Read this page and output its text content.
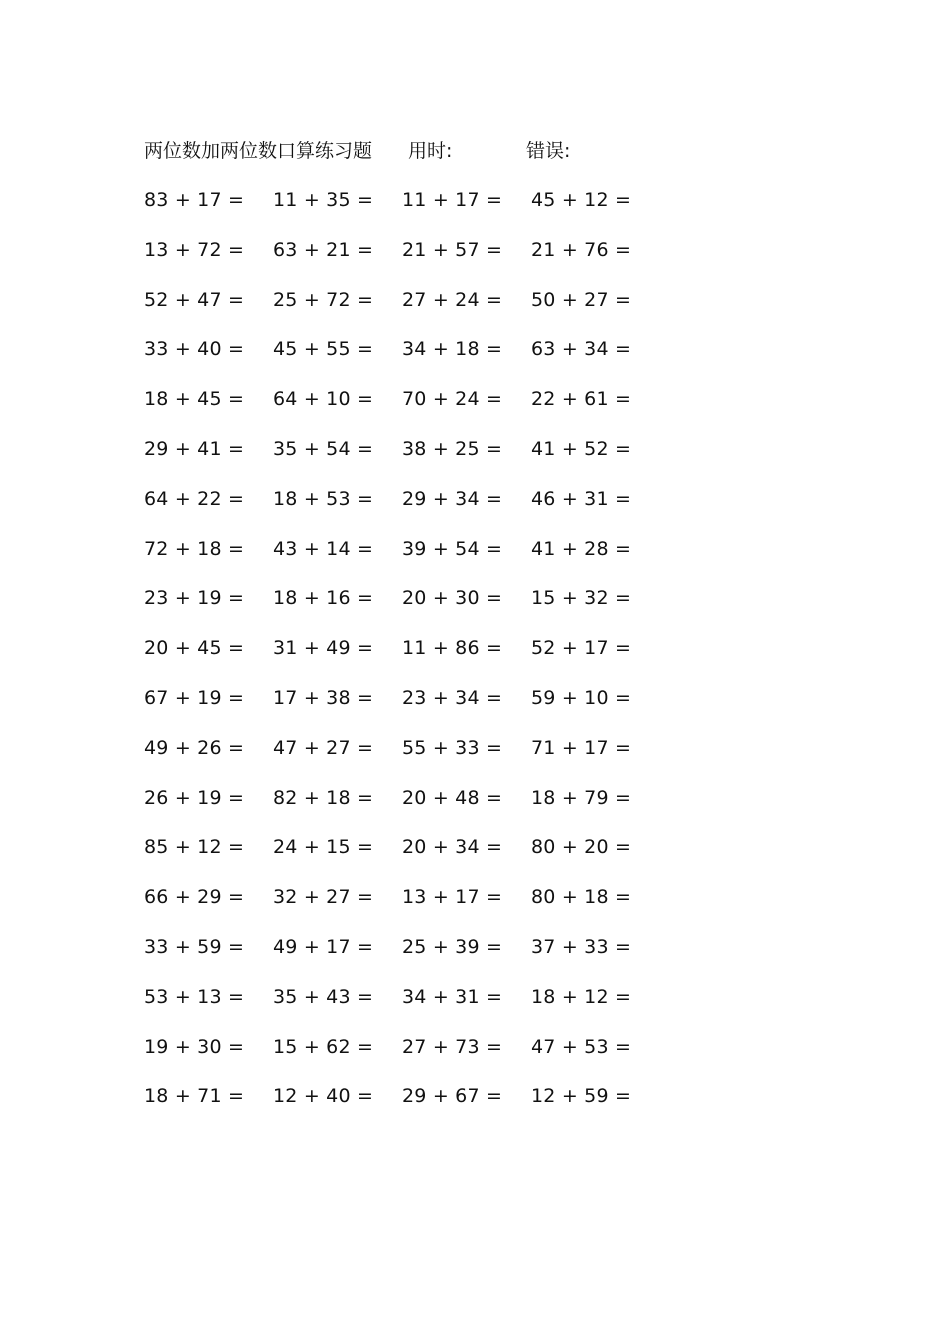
两位数加两位数口算练习题 用时:	错误:
83 + 17 = 11 + 35 = 11 + 17 = 45 + 12 =
13 + 72 = 63 + 21 = 21 + 57 = 21 + 76 =
52 + 47 = 25 + 72 = 27 + 24 = 50 + 27 =
33 + 40 = 45 + 55 = 34 + 18 = 63 + 34 =
18 + 45 = 64 + 10 = 70 + 24 = 22 + 61 =
29 + 41 = 35 + 54 = 38 + 25 = 41 + 52 =
64 + 22 = 18 + 53 = 29 + 34 = 46 + 31 =
72 + 18 = 43 + 14 = 39 + 54 = 41 + 28 =
23 + 19 = 18 + 16 = 20 + 30 = 15 + 32 =
20 + 45 = 31 + 49 = 11 + 86 = 52 + 17 =
67 + 19 = 17 + 38 = 23 + 34 = 59 + 10 =
49 + 26 = 47 + 27 = 55 + 33 = 71 + 17 =
26 + 19 = 82 + 18 = 20 + 48 = 18 + 79 =
85 + 12 = 24 + 15 = 20 + 34 = 80 + 20 =
66 + 29 = 32 + 27 = 13 + 17 = 80 + 18 =
33 + 59 = 49 + 17 = 25 + 39 = 37 + 33 =
53 + 13 = 35 + 43 = 34 + 31 = 18 + 12 =
19 + 30 = 15 + 62 = 27 + 73 = 47 + 53 =
18 + 71 = 12 + 40 = 29 + 67 = 12 + 59 =
